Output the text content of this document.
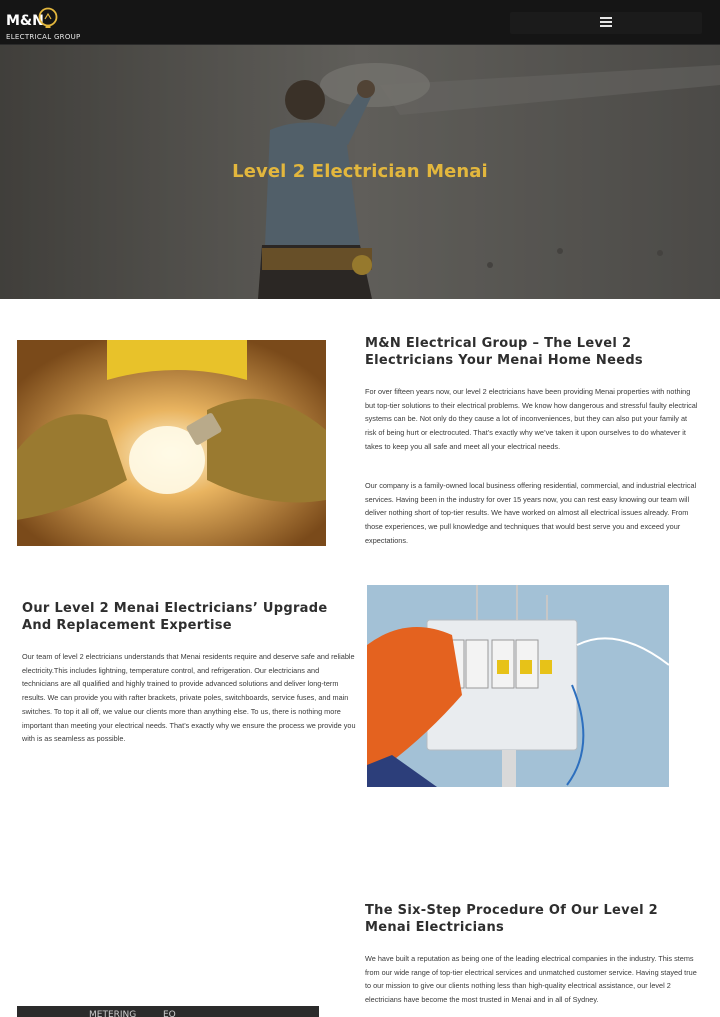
M&N
ELECTRICAL GROUP
Level 2 Electrician Menai
M&N Electrical Group – The Level 2 Electricians Your Menai Home Needs

For over fifteen years now, our level 2 electricians have been providing Menai properties with nothing but top-tier solutions to their electrical problems. We know how dangerous and stressful faulty electrical systems can be. Not only do they cause a lot of inconveniences, but they can also put your family at risk of being hurt or electrocuted. That’s exactly why we’ve taken it upon ourselves to do whatever it takes to keep you all safe and meet all your electrical needs.

Our company is a family-owned local business offering residential, commercial, and industrial electrical services. Having been in the industry for over 15 years now, you can rest easy knowing our team will deliver nothing short of top-tier results. We have worked on almost all electrical issues already. From those experiences, we pull knowledge and techniques that would best serve you and exceed your expectations.

Our Level 2 Menai Electricians’ Upgrade And Replacement Expertise

Our team of level 2 electricians understands that Menai residents require and deserve safe and reliable electricity.This includes lightning, temperature control, and refrigeration. Our electricians and technicians are all qualified and highly trained to provide advanced solutions and deliver long-term results. We can provide you with rafter brackets, private poles, switchboards, service fuses, and main switches. To top it all off, we value our clients more than anything else. To us, there is nothing more important than meeting your electrical needs. That’s exactly why we ensure the process we provide you with is as seamless as possible.

The Six-Step Procedure Of Our Level 2 Menai Electricians

We have built a reputation as being one of the leading electrical companies in the industry. This stems from our wide range of top-tier electrical services and unmatched customer service. Having stayed true to our mission to give our clients nothing less than high-quality electrical assistance, our level 2 electricians have become the most trusted in Menai and in all of Sydney.

METERING	EQ
